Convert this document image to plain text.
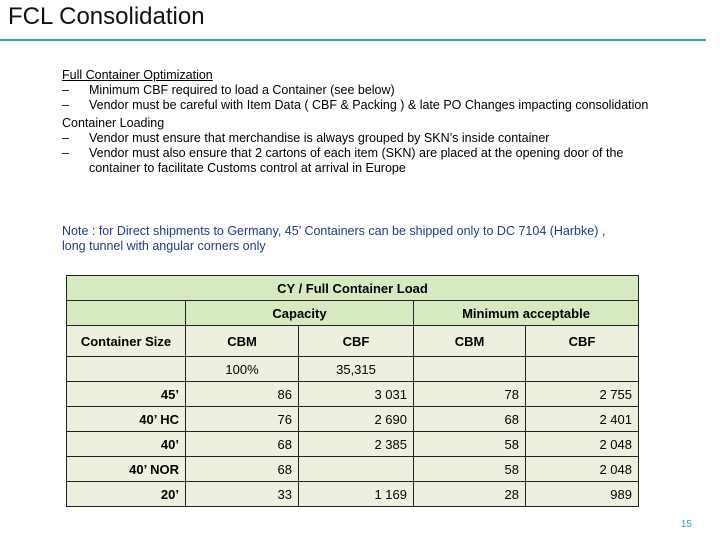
FCL Consolidation
Full Container Optimization
–	Minimum CBF required to load a Container (see below)
–	Vendor must be careful with Item Data ( CBF & Packing ) & late PO Changes impacting consolidation
Container Loading
–	Vendor must ensure that merchandise is always grouped by SKN’s inside container
–	Vendor must also ensure that 2 cartons of each item (SKN) are placed at the opening door of the container to facilitate Customs control at arrival in Europe
Note : for Direct shipments to Germany, 45’ Containers can be shipped only to DC 7104 (Harbke) , long tunnel with angular corners only
CY / Full Container Load				
	Capacity		Minimum acceptable	
Container Size	CBM	CBF	CBM	CBF
	100%	35,315		
45’	86	3 031	78	2 755
40’ HC	76	2 690	68	2 401
40’	68	2 385	58	2 048
40’ NOR	68		58	2 048
20’	33	1 169	28	989
15
